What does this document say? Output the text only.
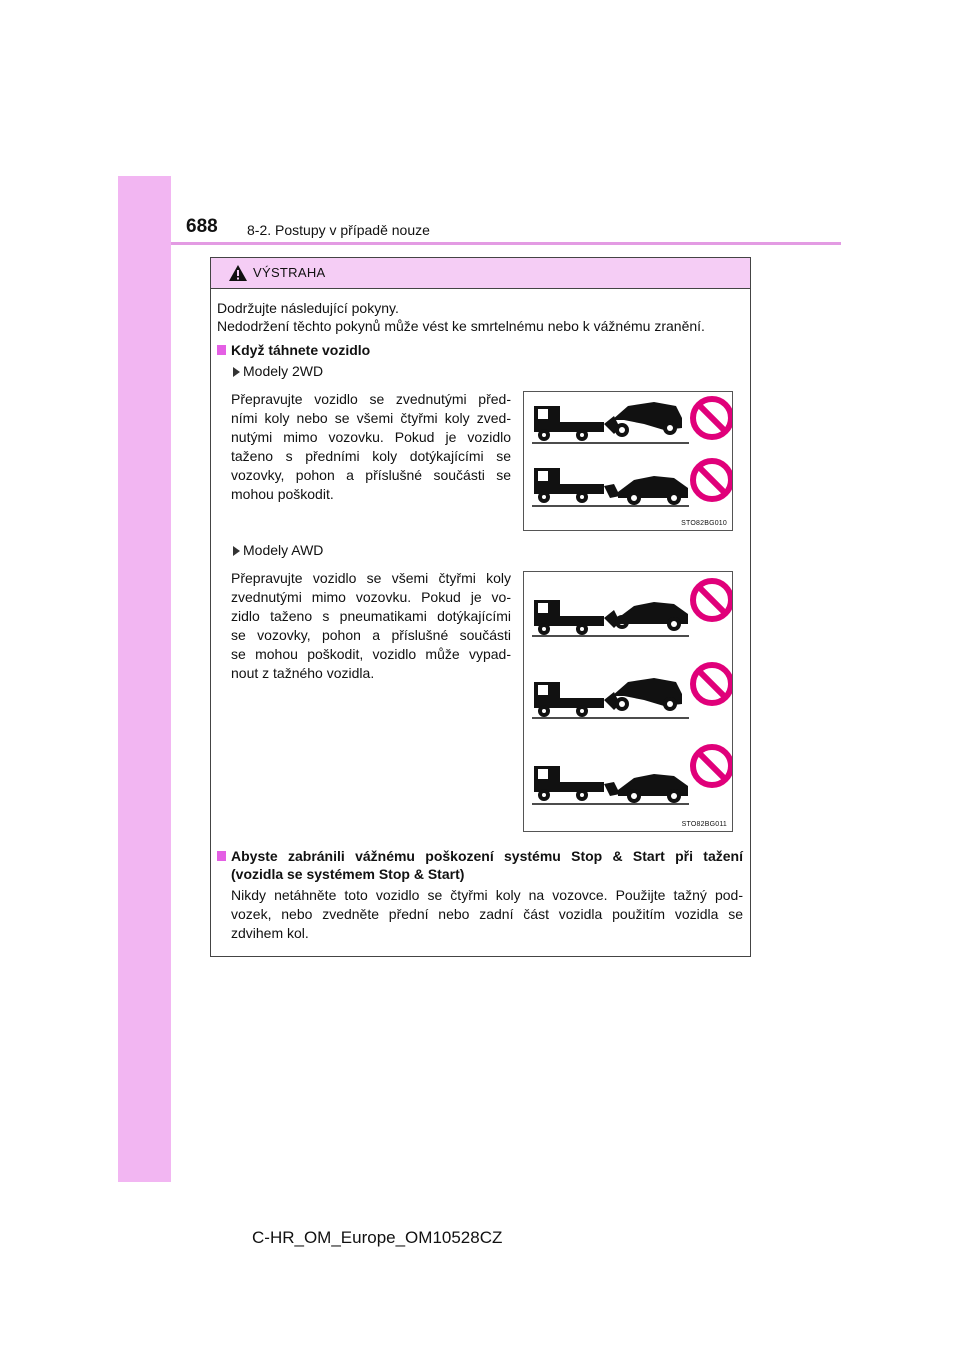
688 8-2. Postupy v případě nouze
VÝSTRAHA
Dodržujte následující pokyny.
Nedodržení těchto pokynů může vést ke smrtelnému nebo k vážnému zranění.
Když táhnete vozidlo
Modely 2WD
Přepravujte vozidlo se zvednutými před-
ními koly nebo se všemi čtyřmi koly zved-
nutými mimo vozovku. Pokud je vozidlo
taženo s předními koly dotýkajícími se
vozovky, pohon a příslušné součásti se
mohou poškodit.
STO82BG010
Modely AWD
Přepravujte vozidlo se všemi čtyřmi koly
zvednutými mimo vozovku. Pokud je vo-
zidlo taženo s pneumatikami dotýkajícími
se vozovky, pohon a příslušné součásti
se mohou poškodit, vozidlo může vypad-
nout z tažného vozidla.
STO82BG011
Abyste zabránili vážnému poškození systému Stop & Start při tažení
(vozidla se systémem Stop & Start)
Nikdy netáhněte toto vozidlo se čtyřmi koly na vozovce. Použijte tažný pod-
vozek, nebo zvedněte přední nebo zadní část vozidla použitím vozidla se
zdvihem kol.
C-HR_OM_Europe_OM10528CZ
